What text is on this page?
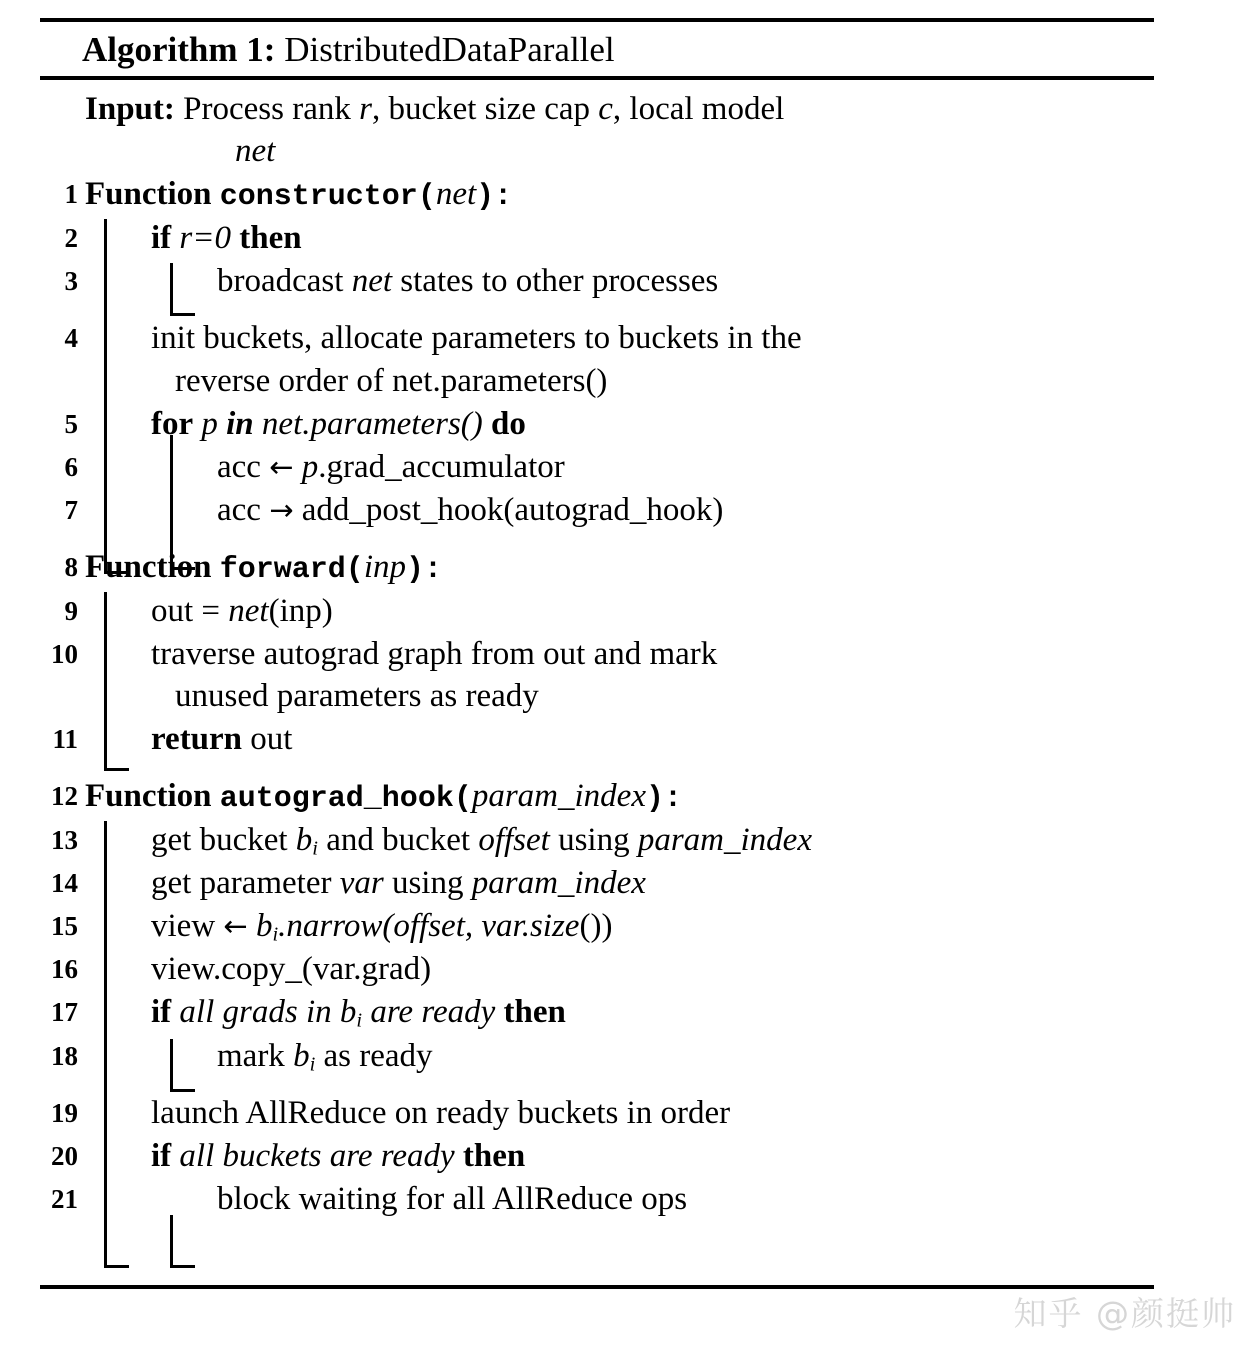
Algorithm 1: DistributedDataParallel
Input: Process rank r, bucket size cap c, local model
net
1 Function constructor(net):
2	if r=0 then
3	broadcast net states to other processes
4	init buckets, allocate parameters to buckets in the
reverse order of net.parameters()
5	for p in net.parameters() do
6	acc ← p.grad_accumulator
7	acc → add_post_hook(autograd_hook)
8 Function forward(inp):
9	out = net(inp)
10	traverse autograd graph from out and mark
unused parameters as ready
11	return out
12 Function autograd_hook(param_index):
13	get bucket $b_i$ and bucket offset using param_index
14	get parameter var using param_index
15	view ← $b_i.narrow(offset$, var.size())
16	view.copy_(var.grad)
17	if all grads in $b_i$ are ready then
18	mark $b_i$ as ready
19	launch AllReduce on ready buckets in order
20	if all buckets are ready then
21	block waiting for all AllReduce ops
知乎 @颜挺帅
